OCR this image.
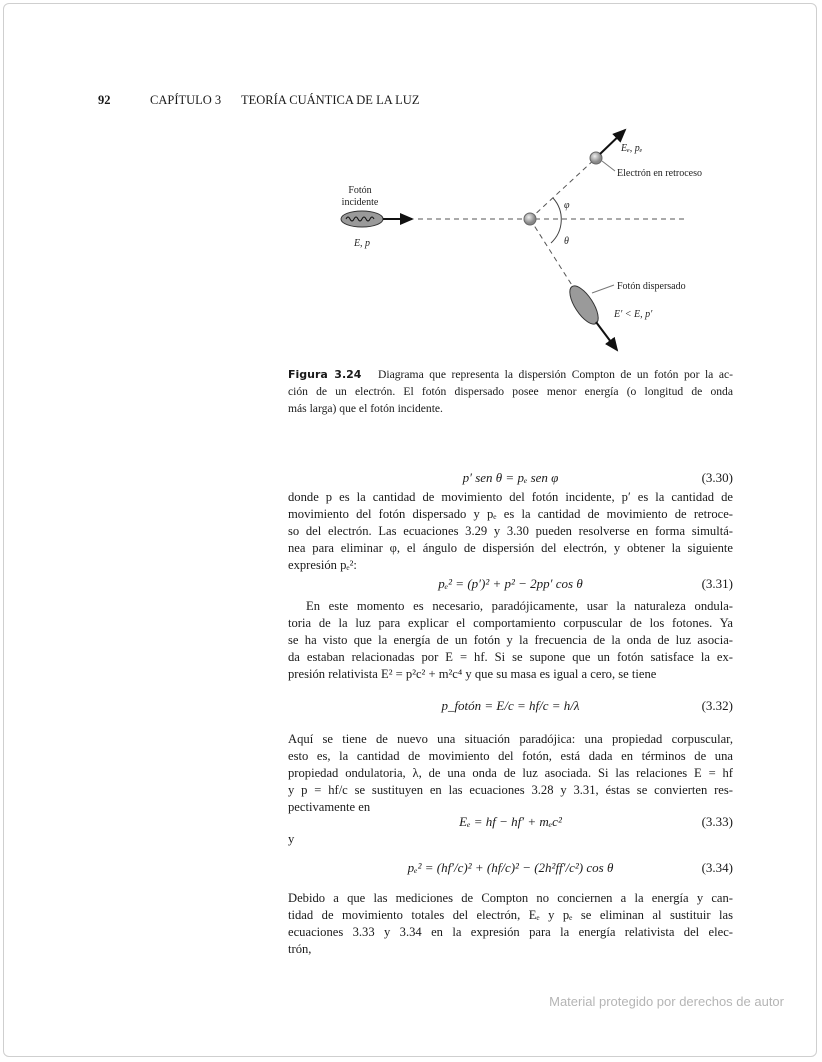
92	CAPÍTULO 3 TEORÍA CUÁNTICA DE LA LUZ
Fotón
incidente
E, p
Eₑ, pₑ
Electrón en retroceso
φ
θ
Fotón dispersado
E′ < E, p′
Figura 3.24 Diagrama que representa la dispersión Compton de un fotón por la ac-
ción de un electrón. El fotón dispersado posee menor energía (o longitud de onda
más larga) que el fotón incidente.
p′ sen θ = pₑ sen φ	(3.30)
donde p es la cantidad de movimiento del fotón incidente, p′ es la cantidad de
movimiento del fotón dispersado y pₑ es la cantidad de movimiento de retroce-
so del electrón. Las ecuaciones 3.29 y 3.30 pueden resolverse en forma simultá-
nea para eliminar φ, el ángulo de dispersión del electrón, y obtener la siguiente
expresión pₑ²:
pₑ² = (p′)² + p² − 2pp′ cos θ	(3.31)
En este momento es necesario, paradójicamente, usar la naturaleza ondula-
toria de la luz para explicar el comportamiento corpuscular de los fotones. Ya
se ha visto que la energía de un fotón y la frecuencia de la onda de luz asocia-
da estaban relacionadas por E = hf. Si se supone que un fotón satisface la ex-
presión relativista E² = p²c² + m²c⁴ y que su masa es igual a cero, se tiene
p_fotón = E/c = hf/c = h/λ	(3.32)
Aquí se tiene de nuevo una situación paradójica: una propiedad corpuscular,
esto es, la cantidad de movimiento del fotón, está dada en términos de una
propiedad ondulatoria, λ, de una onda de luz asociada. Si las relaciones E = hf
y p = hf/c se sustituyen en las ecuaciones 3.28 y 3.31, éstas se convierten res-
pectivamente en
Eₑ = hf − hf′ + mₑc²	(3.33)
y
pₑ² = (hf′/c)² + (hf/c)² − (2h²ff′/c²) cos θ	(3.34)
Debido a que las mediciones de Compton no conciernen a la energía y can-
tidad de movimiento totales del electrón, Eₑ y pₑ se eliminan al sustituir las
ecuaciones 3.33 y 3.34 en la expresión para la energía relativista del elec-
trón,
Material protegido por derechos de autor
